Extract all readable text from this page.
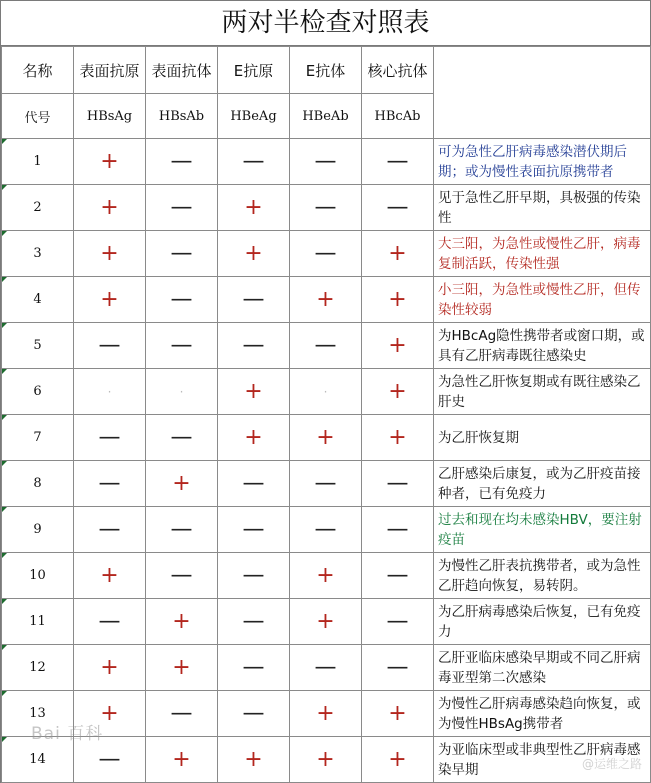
两对半检查对照表
名称	表面抗原	表面抗体	E抗原	E抗体	核心抗体	
代号	HBsAg	HBsAb	HBeAg	HBeAb	HBcAb	
1	+	—	—	—	—	可为急性乙肝病毒感染潜伏期后期；或为慢性表面抗原携带者
2	+	—	+	—	—	见于急性乙肝早期，具极强的传染性
3	+	—	+	—	+	大三阳，为急性或慢性乙肝，病毒复制活跃，传染性强
4	+	—	—	+	+	小三阳，为急性或慢性乙肝，但传染性较弱
5	—	—	—	—	+	为HBcAg隐性携带者或窗口期，或具有乙肝病毒既往感染史
6	·	·	+	·	+	为急性乙肝恢复期或有既往感染乙肝史
7	—	—	+	+	+	为乙肝恢复期
8	—	+	—	—	—	乙肝感染后康复，或为乙肝疫苗接种者，已有免疫力
9	—	—	—	—	—	过去和现在均未感染HBV，要注射疫苗
10	+	—	—	+	—	为慢性乙肝表抗携带者，或为急性乙肝趋向恢复，易转阴。
11	—	+	—	+	—	为乙肝病毒感染后恢复，已有免疫力
12	+	+	—	—	—	乙肝亚临床感染早期或不同乙肝病毒亚型第二次感染
13	+	—	—	+	+	为慢性乙肝病毒感染趋向恢复，或为慢性HBsAg携带者
14	—	+	+	+	+	为亚临床型或非典型性乙肝病毒感染早期
Bai 百科
@运维之路
